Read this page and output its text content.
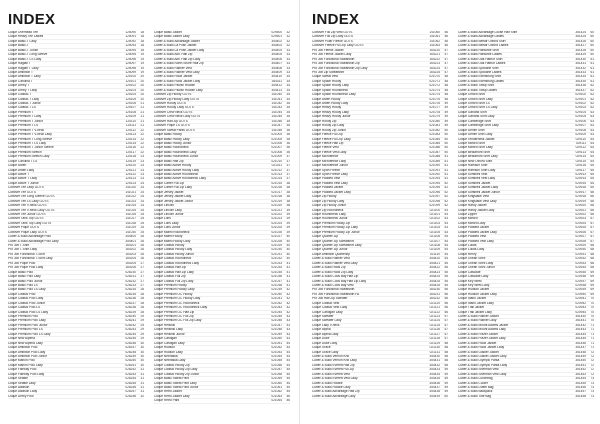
INDEX
Clique Overhead Tee	125090	18
Clique Heavy Tee Ladies	125091	18
Clique Basic-T Lady	125092	18
Clique Basic-T	125093	18
Clique Basic-T Junior	125094	18
Clique Basic-T Long Sleeve	125095	19
Clique Basic-T LS Lady	125096	19
Clique Raglan T	125097	19
Clique Raglan T Lady	125098	19
Clique Ambition T	125099	19
Clique Ambition T Lady	125100	20
Clique Carolina T	125101	20
Clique Derby T	125102	20
Clique Derby T Lady	125103	20
Clique Classic-T	125104	20
Clique Classic-T Lady	125105	20
Clique Classic-T Junior	125106	21
Clique Classic-T LS	125107	21
Clique Premium T	125108	21
Clique Premium T Lady	125109	21
Clique Premium T Junior	125110	21
Clique Premium T LS	125111	21
Clique Premium T V-neck	125112	22
Clique Premium T V-neck Lady	125113	22
Clique Premium T Long Sleeve	125114	22
Clique Premium T LS Lady	125115	22
Clique Premium T Junior Sleeve	125116	22
Clique Premium Stretch	125117	22
Clique Premium Stretch Lady	125118	23
Clique Carolina T LS	125119	23
Clique Arden	125120	23
Clique Arden Lady	125121	23
Clique Active T	125122	23
Clique Active T Lady	125123	23
Clique Active T Junior	125124	24
Cottover Tee Lady GOTS	141020	24
Cottover Tee GOTS	141021	24
Cottover Tee Long Sleeve GOTS	141022	24
Cottover Tee LS Lady GOTS	141023	24
Cottover Tee V-neck GOTS	141024	24
Cottover Tee V-neck Lady GOTS	141025	25
Cottover Tee Junior GOTS	141026	25
Cottover Tank Top GOTS	141027	25
Cottover Tank Top Lady GOTS	141028	25
Cottover Pique GOTS	141029	25
Cottover Pique Lady GOTS	141030	25
Cutter & Buck Advantage Polo	354400	26
Cutter & Buck Advantage Polo Lady	354401	26
Pro Job T-Shirt	164201	26
Pro Job T-Shirt Lady	164202	26
Pro Job Functional T-Shirt	164203	26
Pro Job Functional T-Shirt Lady	164204	26
Pro Job Pique Polo	164205	27
Pro Job Pique Polo Lady	164206	27
Clique Basic Polo	028230	27
Clique Basic Polo Lady	028231	27
Clique Basic Polo Junior	028232	27
Clique Basic Polo LS	028233	27
Clique Basic Polo LS Lady	028234	28
Clique Classic Polo	028235	28
Clique Classic Polo Lady	028236	28
Clique Classic Polo Junior	028237	28
Clique Classic Polo LS	028238	28
Clique Classic Polo LS Lady	028239	28
Clique Premium Polo	028240	29
Clique Premium Polo Lady	028241	29
Clique Premium Polo Junior	028242	29
Clique Premium Polo LS	028243	29
Clique Premium Polo LS Lady	028244	29
Clique New Alpena	028245	29
Clique New Alpena Lady	028246	30
Clique Ambition Polo	028247	30
Clique Ambition Polo Lady	028248	30
Clique Ambition Polo Junior	028249	30
Clique Marion Polo	028250	30
Clique Marion Polo Lady	028251	30
Clique Fairway Polo	028252	31
Clique Fairway Polo Lady	028253	31
Clique Seattle	028254	31
Clique Seattle Lady	028255	31
Clique Addison	028256	31
Clique Addison Lady	028257	31
Clique Derby Polo	028258	32
Clique Basic Jacket	029500	32
Clique Basic Jacket Lady	029501	32
Cutter & Buck Advantage Jacket	354402	32
Cutter & Buck La Push Jacket	354403	32
Cutter & Buck La Push Jacket Lady	354404	33
Cutter & Buck Adv. Half Zip	354405	33
Cutter & Buck Adv. Half Zip Lady	354406	33
Cutter & Buck North Shore Half Zip	354407	33
Cutter & Buck Rainier Vest	354408	33
Cutter & Buck Rainier Vest Lady	354409	33
Cutter & Buck Hood Jacket	354410	34
Cutter & Buck Hood Jacket Lady	354411	34
Cutter & Buck Pacific Hoodie	354412	34
Cutter & Buck Pacific Hoodie Lady	354413	34
Cottover Zip Hoody GOTS	141040	34
Cottover Zip Hoody Lady GOTS	141041	34
Cottover Hoody GOTS	141042	35
Cottover Hoody Lady GOTS	141043	35
Cottover Crew Neck GOTS	141044	35
Cottover Crew Neck Lady GOTS	141045	35
Cottover Half Zip GOTS	141046	35
Cottover Pique LS GOTS	141047	35
Cottover Sweat Pants GOTS	141048	36
Clique Basic Hoody	021004	36
Clique Basic Hoody Lady	021005	36
Clique Basic Hoody Junior	021006	36
Clique Basic Roundneck	021007	36
Clique Basic Roundneck Lady	021008	36
Clique Basic Roundneck Junior	021009	37
Clique Basic Half Zip	021010	37
Clique Basic Active Hoody	021011	37
Clique Basic Active Hoody Lady	021012	37
Clique Basic Active Roundneck	021013	37
Clique Basic Active Roundneck Lady	021014	37
Clique Carter Full Zip	021015	38
Clique Carter Full Zip Lady	021016	38
Clique Jersey Jacket	021017	38
Clique Jersey Jacket Lady	021018	38
Clique Jersey Jacket Junior	021019	38
Clique Lincoln	021020	38
Clique Lincoln Lady	021021	39
Clique Lincoln Junior	021022	39
Clique Loris	021023	39
Clique Loris Lady	021024	39
Clique Loris Junior	021025	39
Clique Miami Roundneck	021026	39
Clique Miami Hoody	021027	40
Clique Miami Hoody Lady	021028	40
Clique Classic Hoody	021029	40
Clique Classic Hoody Lady	021030	40
Clique Classic Hoody Junior	021031	40
Clique Classic Roundneck	021032	40
Clique Classic Roundneck Lady	021033	41
Clique Classic Half Zip	021034	41
Clique Classic Half Zip Lady	021035	41
Clique Classic Full Zip	021036	41
Clique Classic Full Zip Lady	021037	41
Clique Premium Hoody	021038	41
Clique Premium Hoody Lady	021039	42
Clique Premium OC Hoody	021040	42
Clique Premium OC Hoody Lady	021041	42
Clique Premium OC Roundneck	021042	42
Clique Premium OC Roundneck Lady	021043	42
Clique Premium OC Half Zip	021044	42
Clique Premium OC Full Zip	021045	43
Clique Premium OC Full Zip Lady	021046	43
Clique Helsinki	021047	43
Clique Helsinki Lady	021048	43
Clique Helsinki Junior	021049	43
Clique Cardigan	021050	43
Clique Cardigan Lady	021051	44
Clique Hudson	021052	44
Clique Hudson Lady	021053	44
Clique Nebraska	021054	44
Clique Nebraska Lady	021055	44
Clique Classic Hoody Zip	021056	44
Clique Classic Hoody Zip Lady	021057	45
Clique Classic Hoody Zip Junior	021058	45
Clique Basic Sweat Pant	021059	45
Clique Basic Sweat Pant Lady	021060	45
Clique Basic Sweat Pant Junior	021061	45
Clique Retro Jacket	021062	45
Clique Retro Jacket Lady	021063	46
Clique Retro Pant	021064	46
INDEX
Cottover Full Zip Vest GOTS	141060	46
Cottover Full Zip Lady GOTS	141061	46
Cottover Polar Fleece GOTS	141062	46
Cottover Fleece Full Zip Lady GOTS	141063	46
Pro Job Fleece Jacket	164220	47
Pro Job Fleece Jacket Lady	164221	47
Pro Job Functional Sweatshirt	164222	47
Pro Job Functional Sweatshirt Zip	164223	47
Pro Job Functional Sweatshirt Zip Lady	164224	47
Pro Job Zip Sweatshirt	164225	47
Clique Sweat Vest	021070	48
Clique Space Hoody	021071	48
Clique Space Hoody Lady	021072	48
Clique Space Roundneck	021073	48
Clique Space Roundneck Lady	021074	48
Clique Arden Hoody	021075	48
Clique Arden Hoody Lady	021076	49
Clique Heavy Hoody	021077	49
Clique Heavy Hoody Lady	021078	49
Clique Heavy Hoody Junior	021079	49
Clique Hoody Zip	021080	49
Clique Hoody Zip Lady	021081	49
Clique Hoody Zip Junior	021082	50
Clique Fleece Full Zip	021083	50
Clique Fleece Full Zip Lady	021084	50
Clique Fleece Half Zip	021085	50
Clique Fleece Vest	021086	50
Clique Fleece Vest Lady	021087	50
Clique Microfleece	021088	51
Clique Microfleece Lady	021089	51
Clique Microfleece Junior	021090	51
Clique Sport Fleece	021091	51
Clique Sport Fleece Lady	021092	51
Clique Padded Vest	021093	51
Clique Padded Vest Lady	021094	52
Clique Padded Jacket	021095	52
Clique Padded Jacket Lady	021096	52
Clique Zip Hoody	021097	52
Clique Zip Hoody Lady	021098	52
Clique Zip Hoody Junior	021099	52
Clique Zip Roundneck	021100	53
Clique Roundneck Lady	021101	53
Clique Roundneck Junior	021102	53
Clique Premium Hoody Zip	021103	53
Clique Premium Hoody Zip Lady	021104	53
Clique Premium Hoody Zip Junior	021105	53
Clique Quarter Zip	021106	54
Clique Quarter Zip Sweatshirt	021107	54
Clique Quarter Zip Sweatshirt Lady	021108	54
Clique Quarter Zip Junior	021109	54
Clique Ambition Quarterzip	021110	54
Cutter & Buck Rainier Vest	354420	54
Cutter & Buck Rainier Vest Lady	354421	55
Cutter & Buck Hood Zip	354422	55
Cutter & Buck Hood Zip Lady	354423	55
Cutter & Buck Coos Bay Half Zip	354424	55
Cutter & Buck Coos Bay Half Zip Lady	354425	55
Cutter & Buck Coos Bay Vest	354426	55
Pro Job Functional Sweatshirt	164230	56
Pro Job Functional Sweatshirt HZ	164231	56
Pro Job Half Zip Sweater	164232	56
Clique Classic Vest	021120	56
Clique Classic Vest Lady	021121	56
Clique Cardigan Lady	021122	56
Clique Sweater	021123	57
Clique Sweater Lady	021124	57
Clique Lady V-neck	021125	57
Clique Alpina	021126	57
Clique Alpina Lady	021127	57
Clique Duke	021128	57
Clique Duke Lady	021129	58
Clique Grace	021130	58
Clique Grace Lady	021131	58
Cutter & Buck Vernon Knit	354430	58
Cutter & Buck Vernon Knit Lady	354431	58
Cutter & Buck Everett Half Zip	354432	58
Cutter & Buck Everett Full Zip	354433	59
Cutter & Buck Everett Vest	354434	59
Cutter & Buck Everett Vest Lady	354435	59
Cutter & Buck Hoodie	354436	59
Cutter & Buck Hoodie Lady	354437	59
Cutter & Buck Advantage Half Zip	354438	59
Cutter & Buck Advantage Lady	354439	60
Cutter & Buck Advantage Loose Half Shirt	351424	60
Cutter & Buck Advantage Ladies	351425	60
Cutter & Buck Belfair Oxford Shirt	351426	60
Cutter & Buck Belfair Oxford Ladies	351427	60
Cutter & Buck Hansville Shirt	351428	60
Cutter & Buck Hansville Ladies	351429	60
Cutter & Buck Oak Harbor Shirt	351430	61
Cutter & Buck Oak Harbor Ladies	351431	61
Cutter & Buck Spokane Shirt	351432	61
Cutter & Buck Spokane Ladies	351433	61
Cutter & Buck Ellensburg Shirt	351434	61
Cutter & Buck Ellensburg Ladies	351435	61
Cutter & Buck Twisp Shirt	351436	62
Cutter & Buck Twisp Ladies	351437	62
Clique Oxford Shirt	029100	62
Clique Oxford Shirt Lady	029101	62
Clique Oxford Shirt LS	029102	62
Clique Oxford Shirt LS Lady	029103	62
Clique Garland Shirt	029104	63
Clique Garland Shirt Lady	029105	63
Clique Cambridge Shirt	029106	63
Clique Cambridge Shirt Lady	029107	63
Clique Denim Shirt	029108	63
Clique Denim Shirt Lady	029109	63
Clique Tenderness Jacket	029110	64
Clique Milford Shirt	029111	64
Clique Milford Shirt Lady	029112	64
Clique Beaumont Shirt	029113	64
Clique Beaumont Shirt Lady	029114	64
Clique New Oxford Shirt	029115	64
Clique Harrison Shirt	029116	65
Clique Harrison Shirt Lady	029117	65
Clique Softshell Vest	020913	65
Clique Softshell Vest Lady	020914	65
Clique Softshell Jacket	020915	65
Clique Softshell Jacket Lady	020916	65
Clique Softshell Jacket Junior	020917	66
Clique Kingslake Vest	020918	66
Clique Kingslake Vest Lady	020919	66
Clique Hardy Jacket	020920	66
Clique Hardy Jacket Lady	020921	66
Clique Zipper	020922	66
Clique Milford	020923	67
Clique Milford Lady	020924	67
Clique Padded Jacket	020925	67
Clique Padded Jacket Lady	020926	67
Clique Padded Vest	020927	67
Clique Padded Vest Lady	020928	67
Clique Lucas	020929	68
Clique Lucas Lady	020930	68
Clique Henry	020931	68
Clique Ocean Shell	020932	68
Clique Ocean Shell Lady	020933	68
Clique Ocean Shell Junior	020934	68
Clique Cascade	020935	69
Clique Cascade Lady	020936	69
Clique Key West	020937	69
Clique Key West Lady	020938	69
Clique Hudson Jacket	020939	69
Clique Hudson Jacket Lady	020940	69
Clique Idaho Jacket	020941	70
Clique Idaho Jacket Lady	020942	70
Clique Trail Jacket	020943	70
Clique Trail Jacket Lady	020944	70
Cutter & Buck Rainier Jacket	351440	70
Cutter & Buck Rainier Lady	351441	70
Cutter & Buck Mount Adams Jacket	351442	71
Cutter & Buck Mount Adams Lady	351443	71
Cutter & Buck Frazer Jacket	351444	71
Cutter & Buck Frazer Jacket Lady	351445	71
Cutter & Buck Hood Jacket	351446	71
Cutter & Buck Hood Jacket Lady	351447	71
Cutter & Buck Glacier Jacket	351448	72
Cutter & Buck Glacier Jacket Lady	351449	72
Cutter & Buck Olympic Parka	351450	72
Cutter & Buck Olympic Parka Lady	351451	72
Cutter & Buck Sherman Vest	351452	72
Cutter & Buck Sherman Vest Lady	351453	72
Cutter & Buck Lunchbag	351454	73
Cutter & Buck Cooler	351455	73
Cutter & Buck Duffel Bag	351456	73
Cutter & Buck Backpack	351457	73
Cutter & Buck Tote Bag	351458	73
